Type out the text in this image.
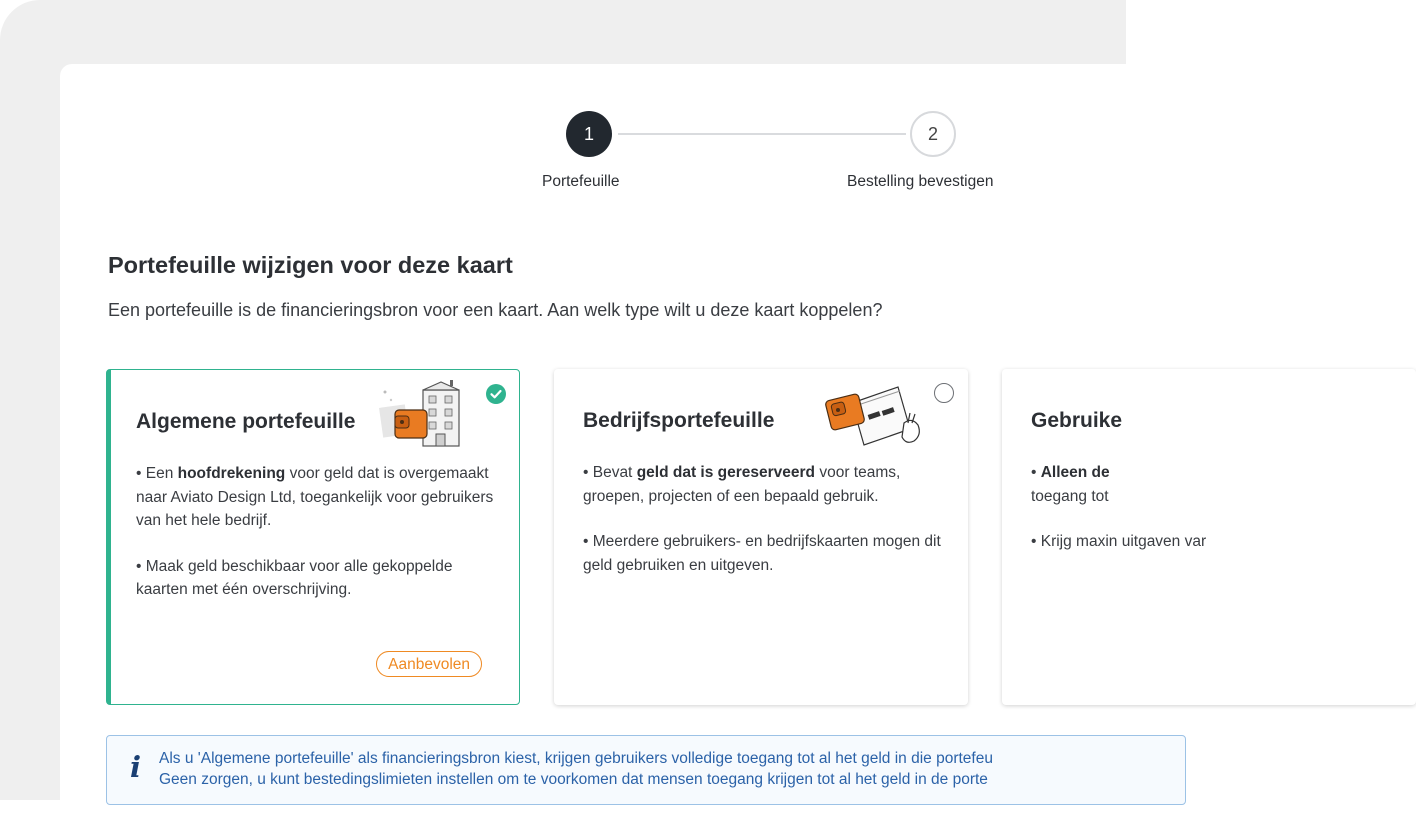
1	2
Portefeuille	Bestelling bevestigen
Portefeuille wijzigen voor deze kaart
Een portefeuille is de financieringsbron voor een kaart. Aan welk type wilt u deze kaart koppelen?
Algemene portefeuille

• Een hoofdrekening voor geld dat is overgemaakt naar Aviato Design Ltd, toegankelijk voor gebruikers van het hele bedrijf.

• Maak geld beschikbaar voor alle gekoppelde kaarten met één overschrijving.

Aanbevolen
Bedrijfsportefeuille

• Bevat geld dat is gereserveerd voor teams, groepen, projecten of een bepaald gebruik.

• Meerdere gebruikers- en bedrijfskaarten mogen dit geld gebruiken en uitgeven.

Gebruike

• Alleen de
toegang tot

• Krijg maxin uitgaven var

i Als u 'Algemene portefeuille' als financieringsbron kiest, krijgen gebruikers volledige toegang tot al het geld in die portefeu
Geen zorgen, u kunt bestedingslimieten instellen om te voorkomen dat mensen toegang krijgen tot al het geld in de porte
